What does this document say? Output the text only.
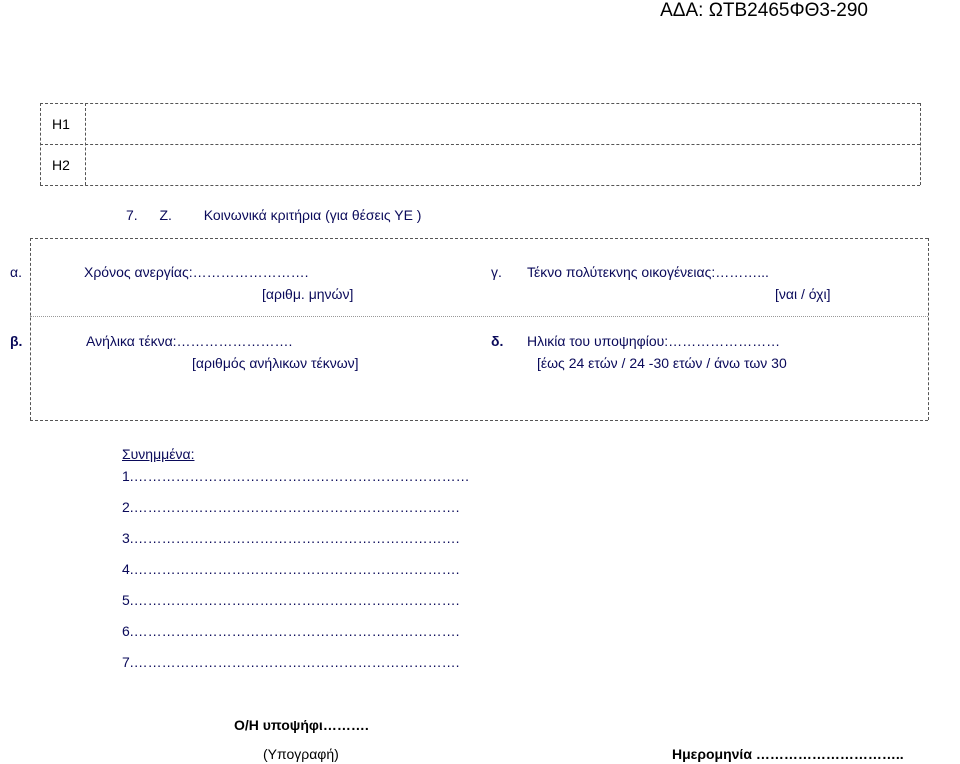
ΑΔΑ: ΩΤΒ2465ΦΘ3-290
H1
H2
7. Ζ. Κοινωνικά κριτήρια (για θέσεις ΥΕ )
α.	Χρόνος ανεργίας:…………………….
[αριθμ. μηνών]
γ. Τέκνο πολύτεκνης οικογένειας:………...
[ναι / όχι]
β.	Ανήλικα τέκνα:…………………….
[αριθμός ανήλικων τέκνων]
δ. Ηλικία του υποψηφίου:……………………
[έως 24 ετών / 24 -30 ετών / άνω των 30
Συνημμένα:
1.………………………………………………………………
2.…………………………………………………………….
3.…………………………………………………………….
4.…………………………………………………………….
5.…………………………………………………………….
6.…………………………………………………………….
7.…………………………………………………………….
Ο/Η υποψήφι……….
(Υπογραφή)	Ημερομηνία …………………………..
